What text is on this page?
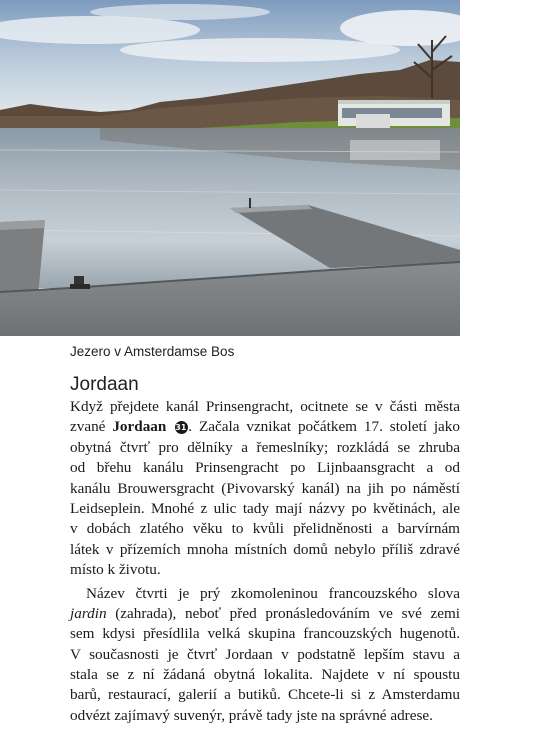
Jezero v Amsterdamse Bos
Jordaan
Když přejdete kanál Prinsengracht, ocitnete se v části města
zvané Jordaan 31 . Začala vznikat počátkem 17. století jako
obytná čtvrť pro dělníky a řemeslníky; rozkládá se zhruba
od břehu kanálu Prinsengracht po Lijnbaansgracht a od
kanálu Brouwersgracht (Pivovarský kanál) na jih po náměstí
Leidseplein. Mnohé z ulic tady mají názvy po květinách, ale
v dobách zlatého věku to kvůli přelidněnosti a barvírnám
látek v přízemích mnoha místních domů nebylo příliš zdravé
místo k životu.
Název čtvrti je prý zkomoleninou francouzského slova
jardin (zahrada), neboť před pronásledováním ve své zemi
sem kdysi přesídlila velká skupina francouzských hugenotů.
V současnosti je čtvrť Jordaan v podstatně lepším stavu a
stala se z ní žádaná obytná lokalita. Najdete v ní spoustu
barů, restaurací, galerií a butiků. Chcete-li si z Amsterdamu
odvézt zajímavý suvenýr, právě tady jste na správné adrese.
